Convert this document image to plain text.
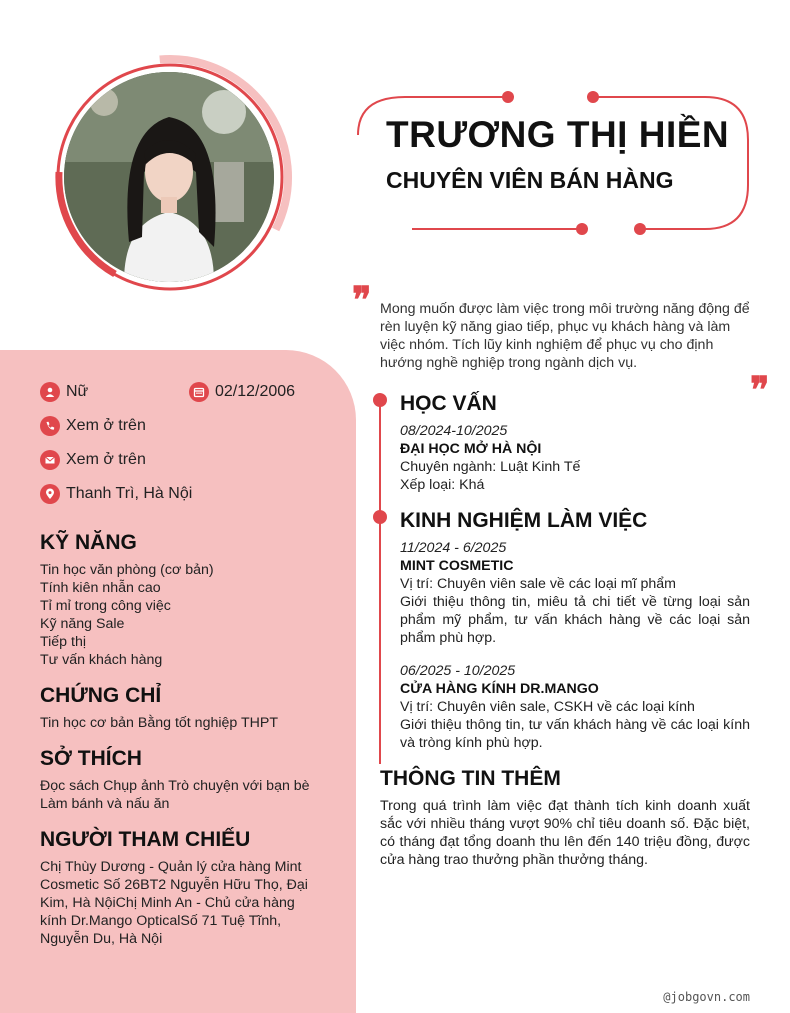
TRƯƠNG THỊ HIỀN
CHUYÊN VIÊN BÁN HÀNG
❞ Mong muốn được làm việc trong môi trường năng động để rèn luyện kỹ năng giao tiếp, phục vụ khách hàng và làm việc nhóm. Tích lũy kinh nghiệm để phục vụ cho định hướng nghề nghiệp trong ngành dịch vụ.
❞
Nữ	02/12/2006
Xem ở trên
Xem ở trên
Thanh Trì, Hà Nội
KỸ NĂNG
Tin học văn phòng (cơ bản)
Tính kiên nhẫn cao
Tỉ mỉ trong công việc
Kỹ năng Sale
Tiếp thị
Tư vấn khách hàng
CHỨNG CHỈ
Tin học cơ bản Bằng tốt nghiệp THPT
SỞ THÍCH
Đọc sách Chụp ảnh Trò chuyện với bạn bè
Làm bánh và nấu ăn
NGƯỜI THAM CHIẾU
Chị Thùy Dương - Quản lý cửa hàng Mint
Cosmetic Số 26BT2 Nguyễn Hữu Thọ, Đại
Kim, Hà NộiChị Minh An - Chủ cửa hàng
kính Dr.Mango OpticalSố 71 Tuệ Tĩnh,
Nguyễn Du, Hà Nội
HỌC VẤN
08/2024-10/2025
ĐẠI HỌC MỞ HÀ NỘI
Chuyên ngành: Luật Kinh Tế
Xếp loại: Khá
KINH NGHIỆM LÀM VIỆC
11/2024 - 6/2025
MINT COSMETIC
Vị trí: Chuyên viên sale về các loại mĩ phẩm
Giới thiệu thông tin, miêu tả chi tiết về từng loại sản phẩm mỹ phẩm, tư vấn khách hàng về các loại sản phẩm phù hợp.
06/2025 - 10/2025
CỬA HÀNG KÍNH DR.MANGO
Vị trí: Chuyên viên sale, CSKH về các loại kính
Giới thiệu thông tin, tư vấn khách hàng về các loại kính và tròng kính phù hợp.
THÔNG TIN THÊM
Trong quá trình làm việc đạt thành tích kinh doanh xuất sắc với nhiều tháng vượt 90% chỉ tiêu doanh số. Đặc biệt, có tháng đạt tổng doanh thu lên đến 140 triệu đồng, được cửa hàng trao thưởng phần thưởng tháng.
@jobgovn.com
